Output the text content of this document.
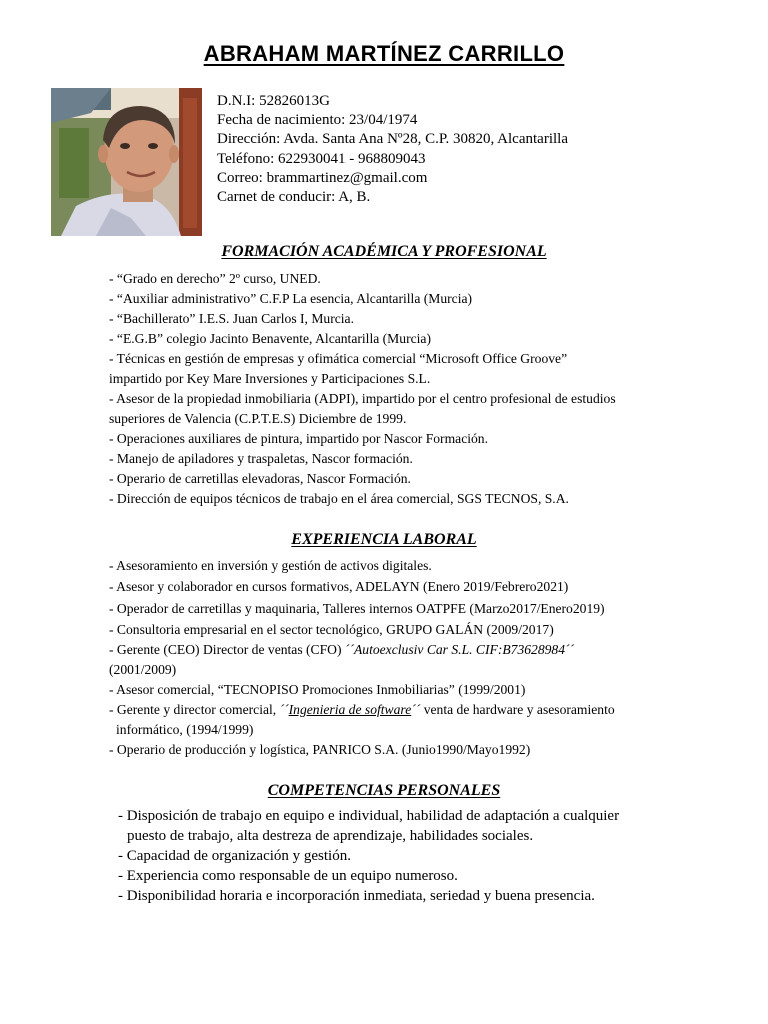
ABRAHAM MARTÍNEZ CARRILLO
D.N.I: 52826013G
Fecha de nacimiento: 23/04/1974
Dirección: Avda. Santa Ana Nº28, C.P. 30820, Alcantarilla
Teléfono: 622930041 - 968809043
Correo: brammartinez@gmail.com
Carnet de conducir: A, B.
FORMACIÓN ACADÉMICA Y PROFESIONAL
- “Grado en derecho” 2º curso, UNED.
- “Auxiliar administrativo” C.F.P La esencia, Alcantarilla (Murcia)
- “Bachillerato” I.E.S. Juan Carlos I, Murcia.
- “E.G.B” colegio Jacinto Benavente, Alcantarilla (Murcia)
- Técnicas en gestión de empresas y ofimática comercial “Microsoft Office Groove”
impartido por Key Mare Inversiones y Participaciones S.L.
- Asesor de la propiedad inmobiliaria (ADPI), impartido por el centro profesional de estudios
superiores de Valencia (C.P.T.E.S) Diciembre de 1999.
- Operaciones auxiliares de pintura, impartido por Nascor Formación.
- Manejo de apiladores y traspaletas, Nascor formación.
- Operario de carretillas elevadoras, Nascor Formación.
- Dirección de equipos técnicos de trabajo en el área comercial, SGS TECNOS, S.A.
EXPERIENCIA LABORAL
- Asesoramiento en inversión y gestión de activos digitales.
- Asesor y colaborador en cursos formativos, ADELAYN (Enero 2019/Febrero2021)
- Operador de carretillas y maquinaria, Talleres internos OATPFE (Marzo2017/Enero2019)
- Consultoria empresarial en el sector tecnológico, GRUPO GALÁN (2009/2017)
- Gerente (CEO) Director de ventas (CFO) ´´Autoexclusiv Car S.L. CIF:B73628984´´
(2001/2009)
- Asesor comercial, “TECNOPISO Promociones Inmobiliarias” (1999/2001)
- Gerente y director comercial, ´´Ingenieria de software´´ venta de hardware y asesoramiento
informático, (1994/1999)
- Operario de producción y logística, PANRICO S.A. (Junio1990/Mayo1992)
COMPETENCIAS PERSONALES
- Disposición de trabajo en equipo e individual, habilidad de adaptación a cualquier
puesto de trabajo, alta destreza de aprendizaje, habilidades sociales.
- Capacidad de organización y gestión.
- Experiencia como responsable de un equipo numeroso.
- Disponibilidad horaria e incorporación inmediata, seriedad y buena presencia.
